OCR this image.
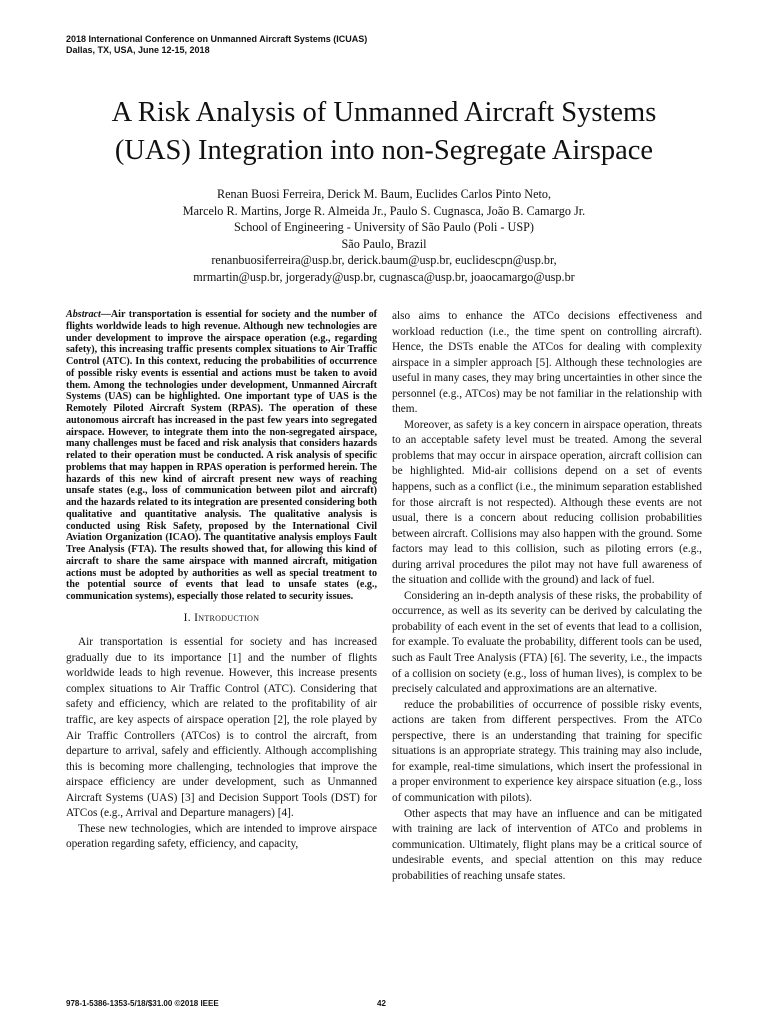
2018 International Conference on Unmanned Aircraft Systems (ICUAS)
Dallas, TX, USA, June 12-15, 2018
A Risk Analysis of Unmanned Aircraft Systems
(UAS) Integration into non-Segregate Airspace
Renan Buosi Ferreira, Derick M. Baum, Euclides Carlos Pinto Neto,
Marcelo R. Martins, Jorge R. Almeida Jr., Paulo S. Cugnasca, João B. Camargo Jr.
School of Engineering - University of São Paulo (Poli - USP)
São Paulo, Brazil
renanbuosiferreira@usp.br, derick.baum@usp.br, euclidescpn@usp.br,
mrmartin@usp.br, jorgerady@usp.br, cugnasca@usp.br, joaocamargo@usp.br
Abstract—Air transportation is essential for society and the number of flights worldwide leads to high revenue. Although new technologies are under development to improve the airspace operation (e.g., regarding safety), this increasing traffic presents complex situations to Air Traffic Control (ATC). In this context, reducing the probabilities of occurrence of possible risky events is essential and actions must be taken to avoid them. Among the technologies under development, Unmanned Aircraft Systems (UAS) can be highlighted. One important type of UAS is the Remotely Piloted Aircraft System (RPAS). The operation of these autonomous aircraft has increased in the past few years into segregated airspace. However, to integrate them into the non-segregated airspace, many challenges must be faced and risk analysis that considers hazards related to their operation must be conducted. A risk analysis of specific problems that may happen in RPAS operation is performed herein. The hazards of this new kind of aircraft present new ways of reaching unsafe states (e.g., loss of communication between pilot and aircraft) and the hazards related to its integration are presented considering both qualitative and quantitative analysis. The qualitative analysis is conducted using Risk Safety, proposed by the International Civil Aviation Organization (ICAO). The quantitative analysis employs Fault Tree Analysis (FTA). The results showed that, for allowing this kind of aircraft to share the same airspace with manned aircraft, mitigation actions must be adopted by authorities as well as special treatment to the potential source of events that lead to unsafe states (e.g., communication systems), especially those related to security issues.
I. Introduction

Air transportation is essential for society and has increased gradually due to its importance [1] and the number of flights worldwide leads to high revenue. However, this increase presents complex situations to Air Traffic Control (ATC). Considering that safety and efficiency, which are related to the profitability of air traffic, are key aspects of airspace operation [2], the role played by Air Traffic Controllers (ATCos) is to control the aircraft, from departure to arrival, safely and efficiently. Although accomplishing this is becoming more challenging, technologies that improve the airspace efficiency are under development, such as Unmanned Aircraft Systems (UAS) [3] and Decision Support Tools (DST) for ATCos (e.g., Arrival and Departure managers) [4].

These new technologies, which are intended to improve airspace operation regarding safety, efficiency, and capacity,

also aims to enhance the ATCo decisions effectiveness and workload reduction (i.e., the time spent on controlling aircraft). Hence, the DSTs enable the ATCos for dealing with complexity airspace in a simpler approach [5]. Although these technologies are useful in many cases, they may bring uncertainties in other since the personnel (e.g., ATCos) may be not familiar in the relationship with them.

Moreover, as safety is a key concern in airspace operation, threats to an acceptable safety level must be treated. Among the several problems that may occur in airspace operation, aircraft collision can be highlighted. Mid-air collisions depend on a set of events happens, such as a conflict (i.e., the minimum separation established for those aircraft is not respected). Although these events are not usual, there is a concern about reducing collision probabilities between aircraft. Collisions may also happen with the ground. Some factors may lead to this collision, such as piloting errors (e.g., during arrival procedures the pilot may not have full awareness of the situation and collide with the ground) and lack of fuel.

Considering an in-depth analysis of these risks, the probability of occurrence, as well as its severity can be derived by calculating the probability of each event in the set of events that lead to a collision, for example. To evaluate the probability, different tools can be used, such as Fault Tree Analysis (FTA) [6]. The severity, i.e., the impacts of a collision on society (e.g., loss of human lives), is complex to be precisely calculated and approximations are an alternative.

reduce the probabilities of occurrence of possible risky events, actions are taken from different perspectives. From the ATCo perspective, there is an understanding that training for specific situations is an appropriate strategy. This training may also include, for example, real-time simulations, which insert the professional in a proper environment to experience key airspace situation (e.g., loss of communication with pilots).

Other aspects that may have an influence and can be mitigated with training are lack of intervention of ATCo and problems in communication. Ultimately, flight plans may be a critical source of undesirable events, and special attention on this may reduce probabilities of reaching unsafe states.

978-1-5386-1353-5/18/$31.00 ©2018 IEEE	42
